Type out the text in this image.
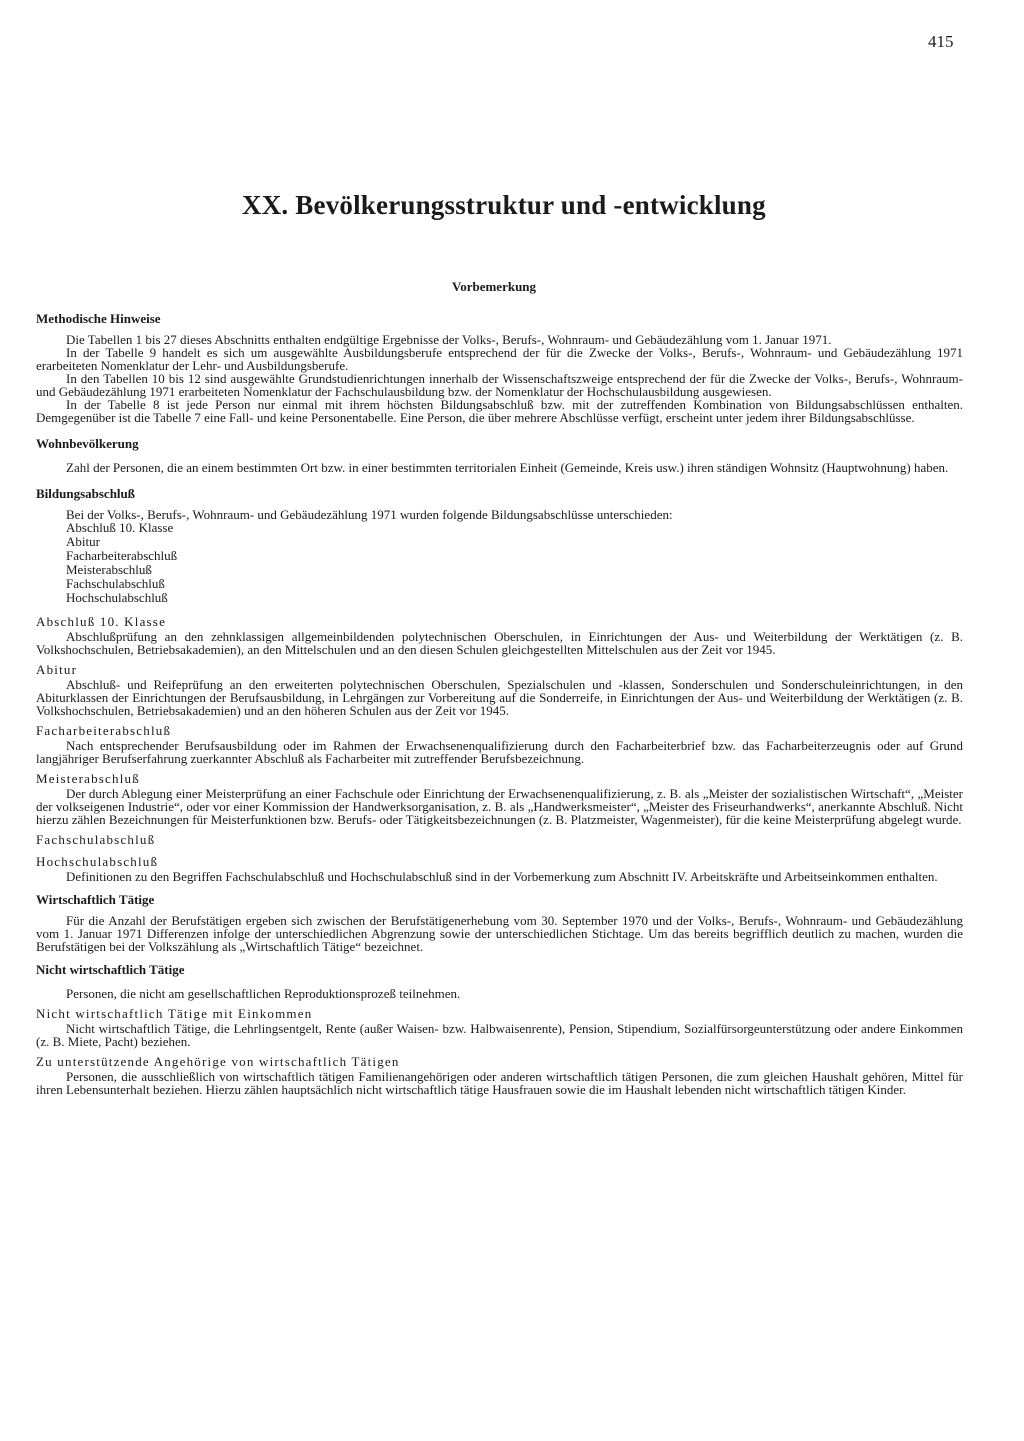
415
XX. Bevölkerungsstruktur und -entwicklung
Vorbemerkung
Methodische Hinweise

Die Tabellen 1 bis 27 dieses Abschnitts enthalten endgültige Ergebnisse der Volks-, Berufs-, Wohnraum- und Gebäudezählung vom 1. Januar 1971.

In der Tabelle 9 handelt es sich um ausgewählte Ausbildungsberufe entsprechend der für die Zwecke der Volks-, Berufs-, Wohnraum- und Gebäudezählung 1971 erarbeiteten Nomenklatur der Lehr- und Ausbildungsberufe.

In den Tabellen 10 bis 12 sind ausgewählte Grundstudienrichtungen innerhalb der Wissenschaftszweige entsprechend der für die Zwecke der Volks-, Berufs-, Wohnraum- und Gebäudezählung 1971 erarbeiteten Nomenklatur der Fachschulausbildung bzw. der Nomenklatur der Hochschulausbildung ausgewiesen.

In der Tabelle 8 ist jede Person nur einmal mit ihrem höchsten Bildungsabschluß bzw. mit der zutreffenden Kombination von Bildungsabschlüssen enthalten. Demgegenüber ist die Tabelle 7 eine Fall- und keine Personentabelle. Eine Person, die über mehrere Abschlüsse verfügt, erscheint unter jedem ihrer Bildungsabschlüsse.

Wohnbevölkerung

Zahl der Personen, die an einem bestimmten Ort bzw. in einer bestimmten territorialen Einheit (Gemeinde, Kreis usw.) ihren ständigen Wohnsitz (Hauptwohnung) haben.

Bildungsabschluß

Bei der Volks-, Berufs-, Wohnraum- und Gebäudezählung 1971 wurden folgende Bildungsabschlüsse unterschieden:

Abschluß 10. Klasse
Abitur
Facharbeiterabschluß
Meisterabschluß
Fachschulabschluß
Hochschulabschluß
Abschluß 10. Klasse

Abschlußprüfung an den zehnklassigen allgemeinbildenden polytechnischen Oberschulen, in Einrichtungen der Aus- und Weiterbildung der Werktätigen (z. B. Volkshochschulen, Betriebsakademien), an den Mittelschulen und an den diesen Schulen gleichgestellten Mittelschulen aus der Zeit vor 1945.

Abitur

Abschluß- und Reifeprüfung an den erweiterten polytechnischen Oberschulen, Spezialschulen und -klassen, Sonderschulen und Sonderschuleinrichtungen, in den Abiturklassen der Einrichtungen der Berufsausbildung, in Lehrgängen zur Vorbereitung auf die Sonderreife, in Einrichtungen der Aus- und Weiterbildung der Werktätigen (z. B. Volkshochschulen, Betriebsakademien) und an den höheren Schulen aus der Zeit vor 1945.

Facharbeiterabschluß

Nach entsprechender Berufsausbildung oder im Rahmen der Erwachsenenqualifizierung durch den Facharbeiterbrief bzw. das Facharbeiterzeugnis oder auf Grund langjähriger Berufserfahrung zuerkannter Abschluß als Facharbeiter mit zutreffender Berufsbezeichnung.

Meisterabschluß

Der durch Ablegung einer Meisterprüfung an einer Fachschule oder Einrichtung der Erwachsenenqualifizierung, z. B. als „Meister der sozialistischen Wirtschaft“, „Meister der volkseigenen Industrie“, oder vor einer Kommission der Handwerksorganisation, z. B. als „Handwerksmeister“, „Meister des Friseurhandwerks“, anerkannte Abschluß. Nicht hierzu zählen Bezeichnungen für Meisterfunktionen bzw. Berufs- oder Tätigkeitsbezeichnungen (z. B. Platzmeister, Wagenmeister), für die keine Meisterprüfung abgelegt wurde.

Fachschulabschluß
Hochschulabschluß

Definitionen zu den Begriffen Fachschulabschluß und Hochschulabschluß sind in der Vorbemerkung zum Abschnitt IV. Arbeitskräfte und Arbeitseinkommen enthalten.

Wirtschaftlich Tätige

Für die Anzahl der Berufstätigen ergeben sich zwischen der Berufstätigenerhebung vom 30. September 1970 und der Volks-, Berufs-, Wohnraum- und Gebäudezählung vom 1. Januar 1971 Differenzen infolge der unterschiedlichen Abgrenzung sowie der unterschiedlichen Stichtage. Um das bereits begrifflich deutlich zu machen, wurden die Berufstätigen bei der Volkszählung als „Wirtschaftlich Tätige“ bezeichnet.

Nicht wirtschaftlich Tätige

Personen, die nicht am gesellschaftlichen Reproduktionsprozeß teilnehmen.

Nicht wirtschaftlich Tätige mit Einkommen

Nicht wirtschaftlich Tätige, die Lehrlingsentgelt, Rente (außer Waisen- bzw. Halbwaisenrente), Pension, Stipendium, Sozialfürsorgeunterstützung oder andere Einkommen (z. B. Miete, Pacht) beziehen.

Zu unterstützende Angehörige von wirtschaftlich Tätigen

Personen, die ausschließlich von wirtschaftlich tätigen Familienangehörigen oder anderen wirtschaftlich tätigen Personen, die zum gleichen Haushalt gehören, Mittel für ihren Lebensunterhalt beziehen. Hierzu zählen hauptsächlich nicht wirtschaftlich tätige Hausfrauen sowie die im Haushalt lebenden nicht wirtschaftlich tätigen Kinder.
